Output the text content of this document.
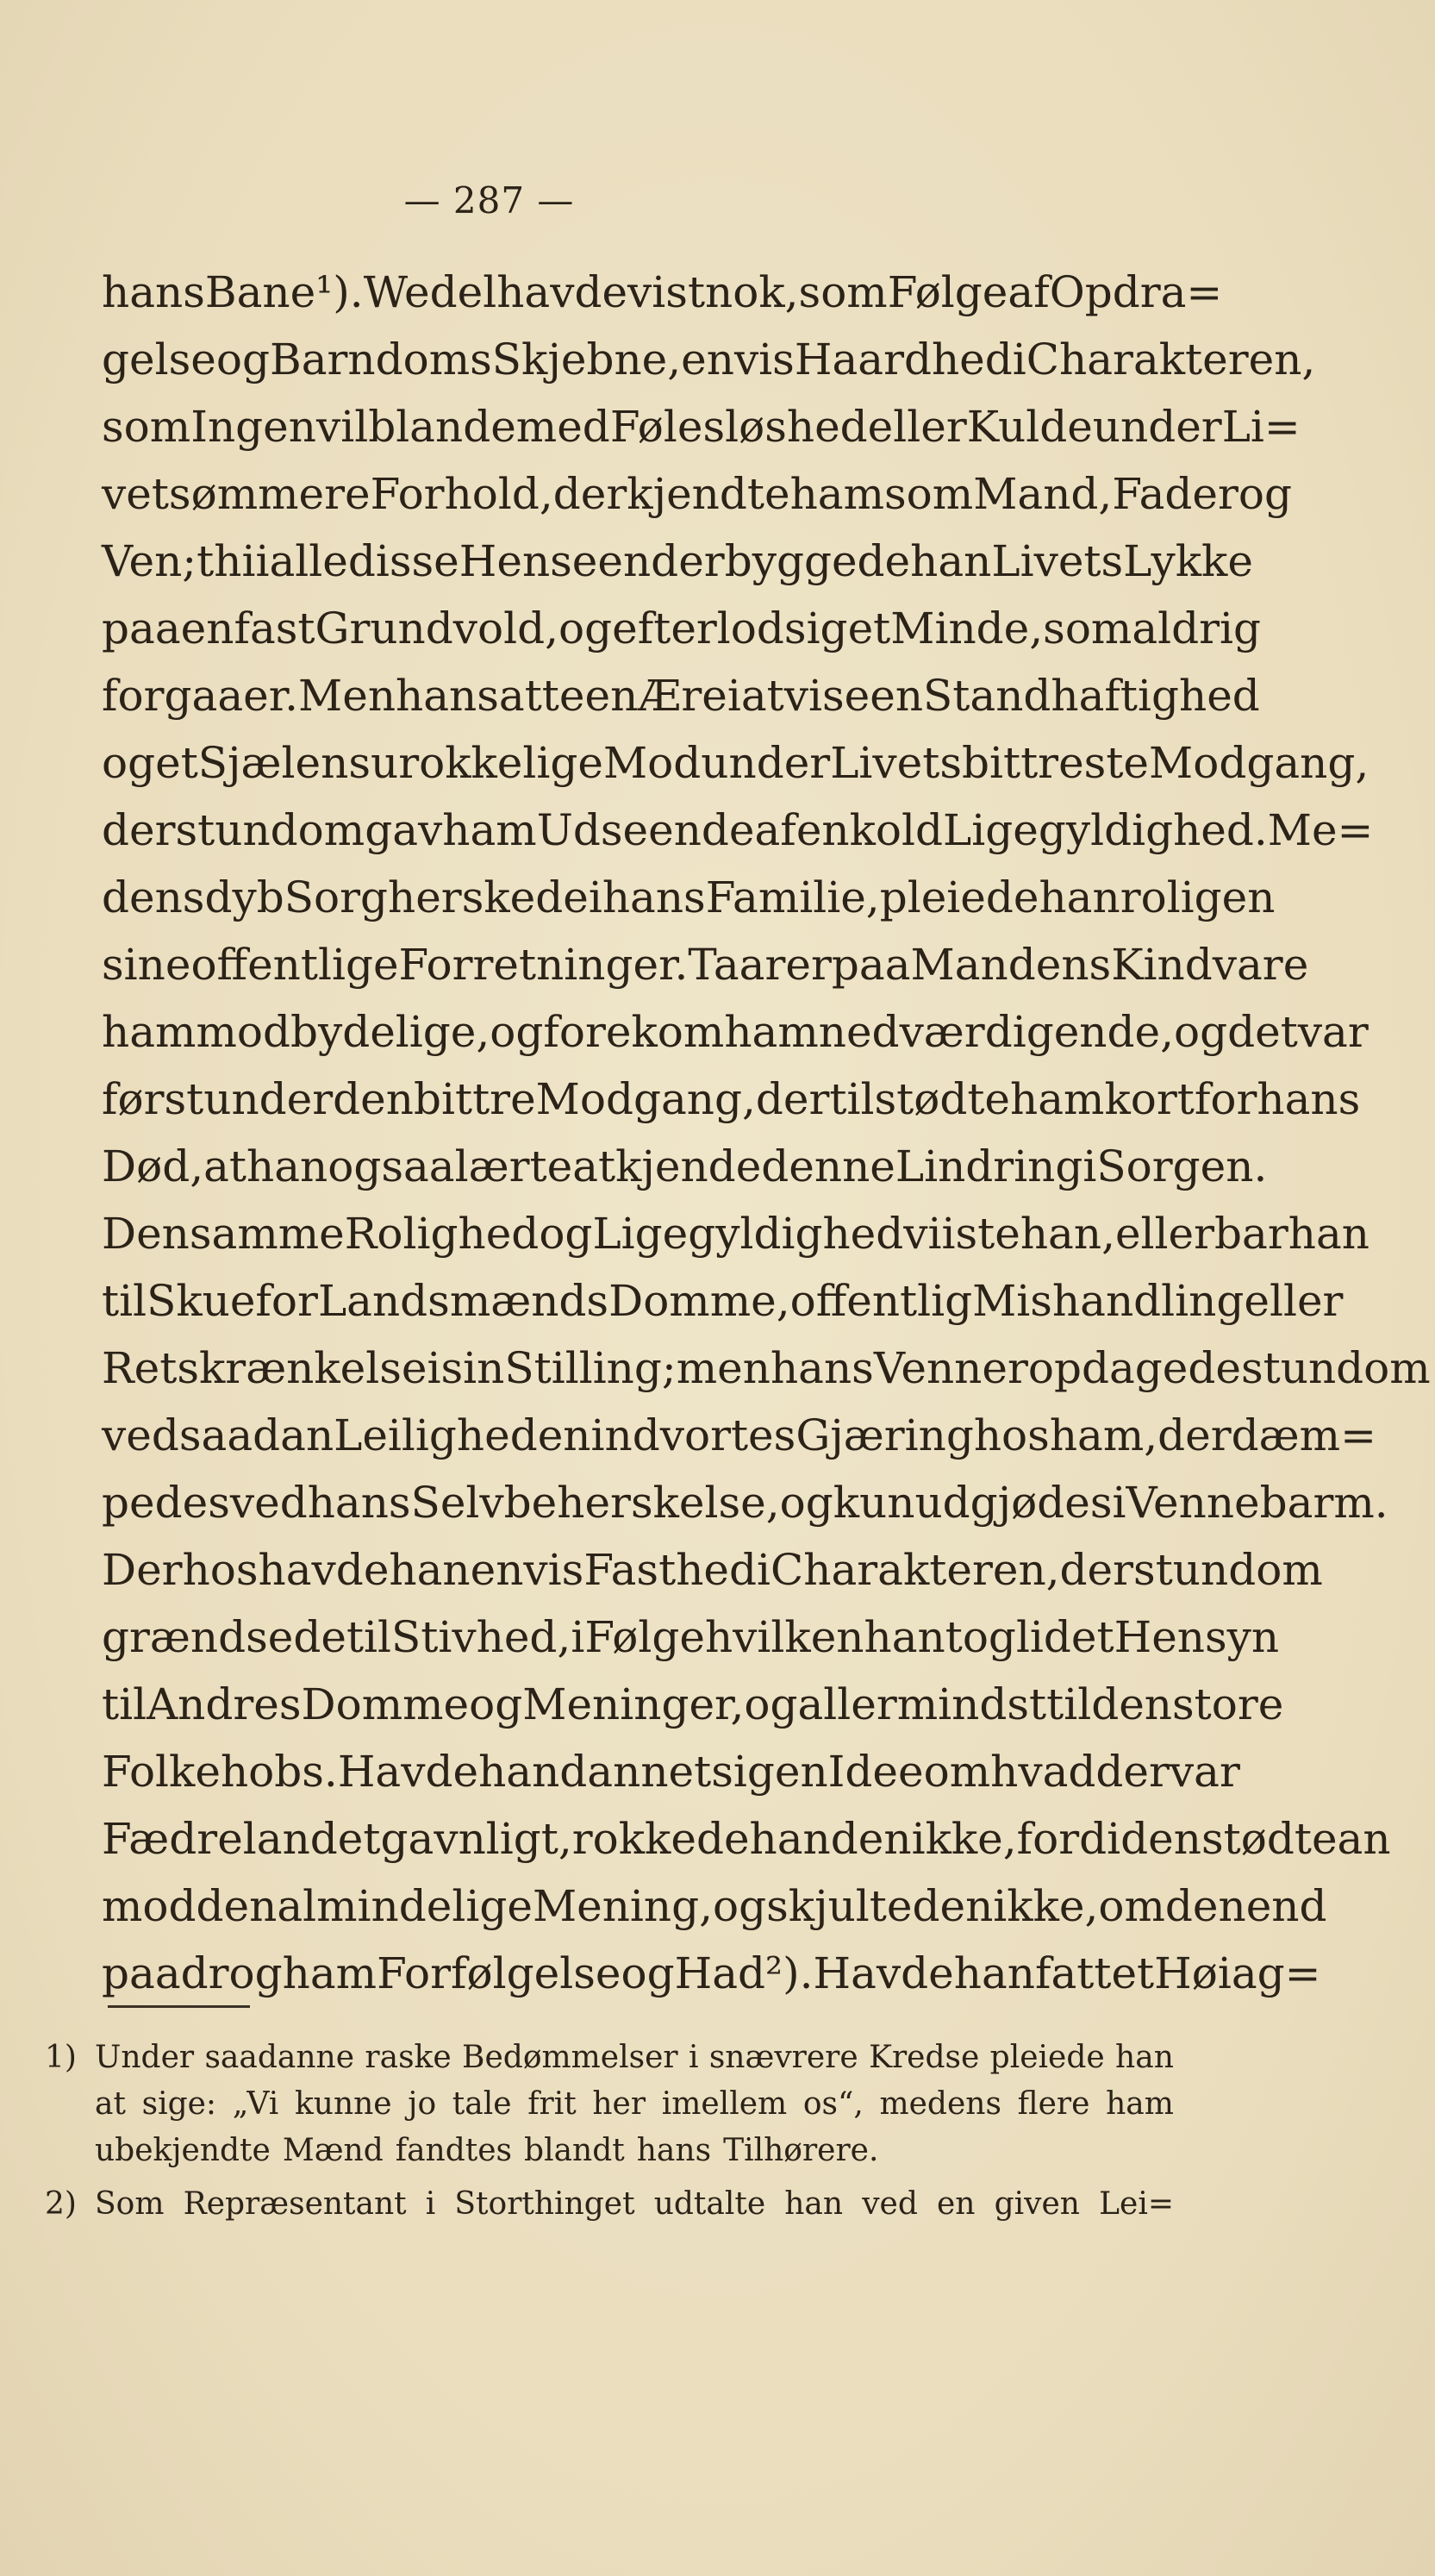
— 287 —
hans Bane ¹). Wedel havde vist nok, som Følge af Opdra=
gelse og Barndoms Skjebne, en vis Haardhed i Charakteren,
som Ingen vil blande med Følesløshed eller Kulde under Li=
vets ømmere Forhold, der kjendte ham som Mand, Fader og
Ven; thi i alle disse Henseender byggede han Livets Lykke
paa en fast Grundvold, og efterlod sig et Minde, som aldrig
forgaaer. Men han satte en Ære i at vise en Standhaftighed
og et Sjælens urokkelige Mod under Livets bittreste Modgang,
der stundom gav ham Udseende af en kold Ligegyldighed. Me=
dens dyb Sorg herskede i hans Familie, pleiede han roligen
sine offentlige Forretninger. Taarer paa Mandens Kind vare
ham modbydelige, og forekom ham nedværdigende, og det var
først under den bittre Modgang, der tilstødte ham kort for hans
Død, at han ogsaa lærte at kjende denne Lindring i Sorgen.
Den samme Rolighed og Ligegyldighed viiste han, eller bar han
til Skue for Landsmænds Domme, offentlig Mishandling eller
Retskrænkelse i sin Stilling; men hans Venner opdagede stundom
ved saadan Leilighed en indvortes Gjæring hos ham, der dæm=
pedes ved hans Selvbeherskelse, og kun udgjødes i Vennebarm.
Derhos havde han en vis Fasthed i Charakteren, der stundom
grændsede til Stivhed, i Følge hvilken han tog lidet Hensyn
til Andres Domme og Meninger, og allermindst til den store
Folkehobs. Havde han dannet sig en Idee om hvad der var
Fædrelandet gavnligt, rokkede han den ikke, fordi den stødte an
mod den almindelige Mening, og skjulte den ikke, om den end
paadrog ham Forfølgelse og Had ²). Havde han fattet Høiag=
1) Under saadanne raske Bedømmelser i snævrere Kredse pleiede han
at sige: „Vi kunne jo tale frit her imellem os“, medens flere ham
ubekjendte Mænd fandtes blandt hans Tilhørere.
2) Som Repræsentant i Storthinget udtalte han ved en given Lei=
